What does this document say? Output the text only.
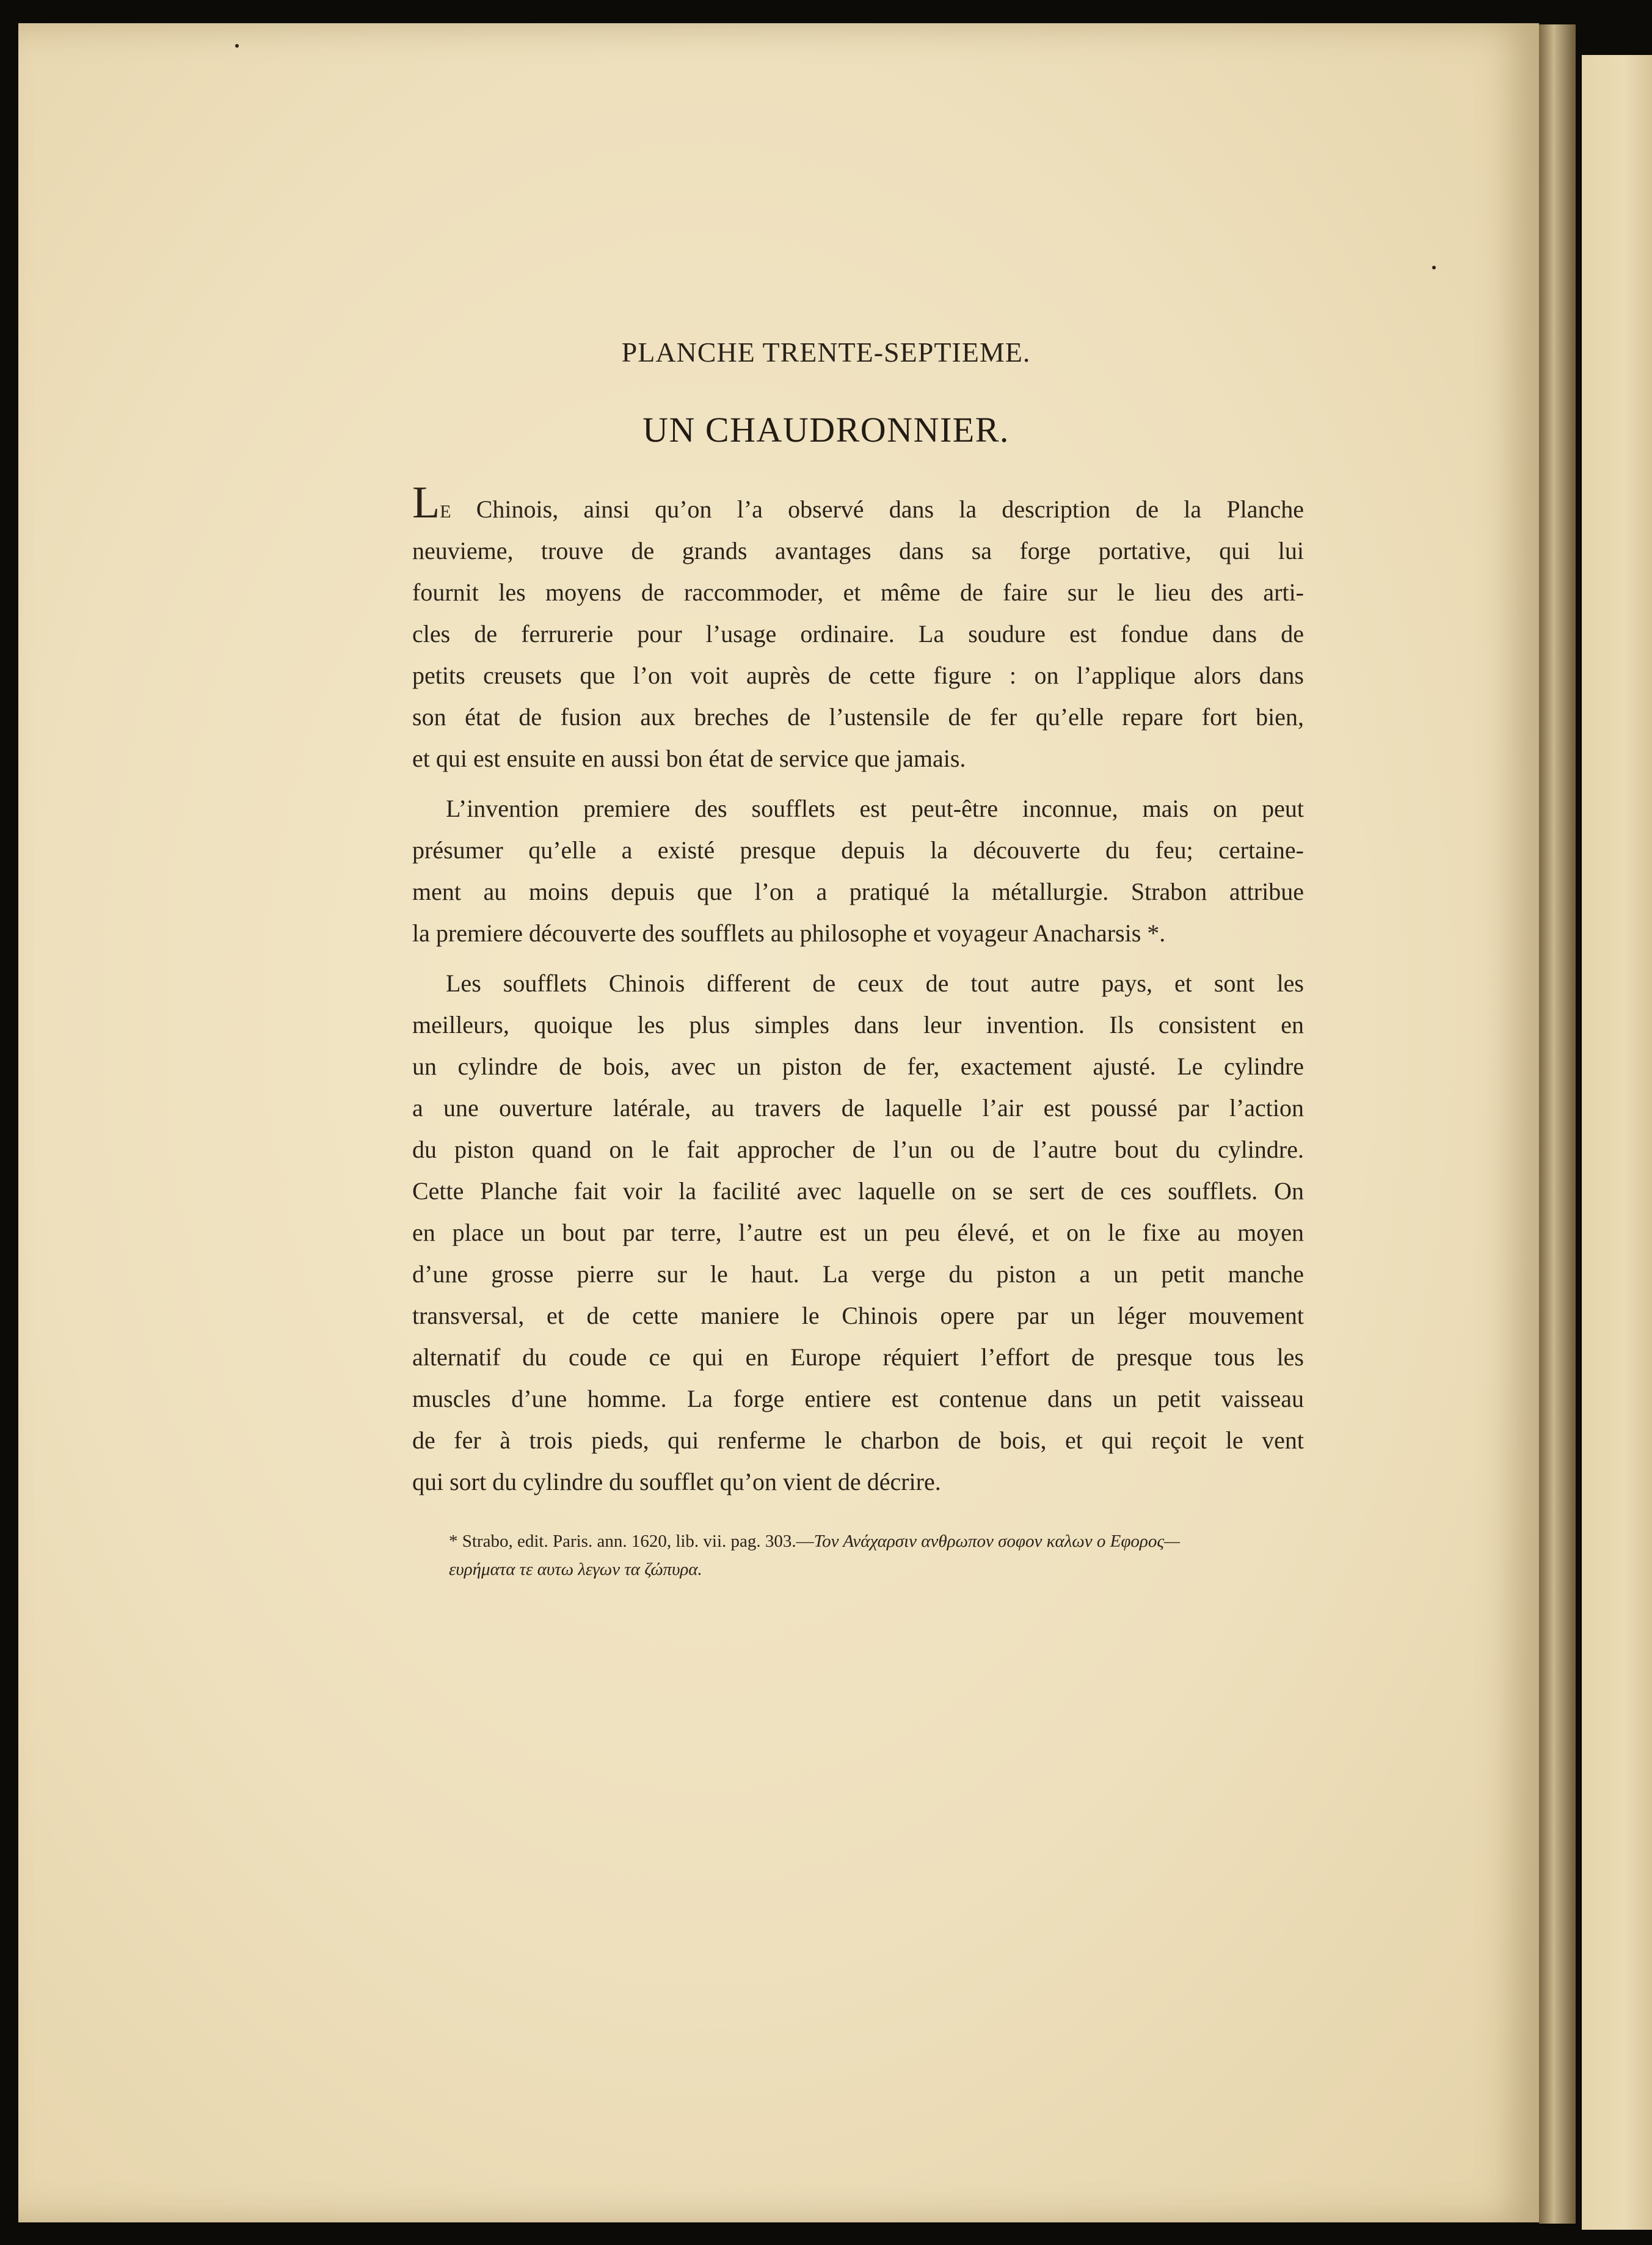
PLANCHE TRENTE-SEPTIEME.
UN CHAUDRONNIER.
LE Chinois, ainsi qu’on l’a observé dans la description de la Planche
neuvieme, trouve de grands avantages dans sa forge portative, qui lui
fournit les moyens de raccommoder, et même de faire sur le lieu des arti-
cles de ferrurerie pour l’usage ordinaire. La soudure est fondue dans de
petits creusets que l’on voit auprès de cette figure : on l’applique alors dans
son état de fusion aux breches de l’ustensile de fer qu’elle repare fort bien,
et qui est ensuite en aussi bon état de service que jamais.
L’invention premiere des soufflets est peut-être inconnue, mais on peut
présumer qu’elle a existé presque depuis la découverte du feu; certaine-
ment au moins depuis que l’on a pratiqué la métallurgie. Strabon attribue
la premiere découverte des soufflets au philosophe et voyageur Anacharsis *.
Les soufflets Chinois different de ceux de tout autre pays, et sont les
meilleurs, quoique les plus simples dans leur invention. Ils consistent en
un cylindre de bois, avec un piston de fer, exactement ajusté. Le cylindre
a une ouverture latérale, au travers de laquelle l’air est poussé par l’action
du piston quand on le fait approcher de l’un ou de l’autre bout du cylindre.
Cette Planche fait voir la facilité avec laquelle on se sert de ces soufflets. On
en place un bout par terre, l’autre est un peu élevé, et on le fixe au moyen
d’une grosse pierre sur le haut. La verge du piston a un petit manche
transversal, et de cette maniere le Chinois opere par un léger mouvement
alternatif du coude ce qui en Europe réquiert l’effort de presque tous les
muscles d’une homme. La forge entiere est contenue dans un petit vaisseau
de fer à trois pieds, qui renferme le charbon de bois, et qui reçoit le vent
qui sort du cylindre du soufflet qu’on vient de décrire.
* Strabo, edit. Paris. ann. 1620, lib. vii. pag. 303.—Τον Ανάχαρσιν ανθρωπον σοφον καλων ο Εφορος—
ευρήματα τε αυτω λεγων τα ζώπυρα.
